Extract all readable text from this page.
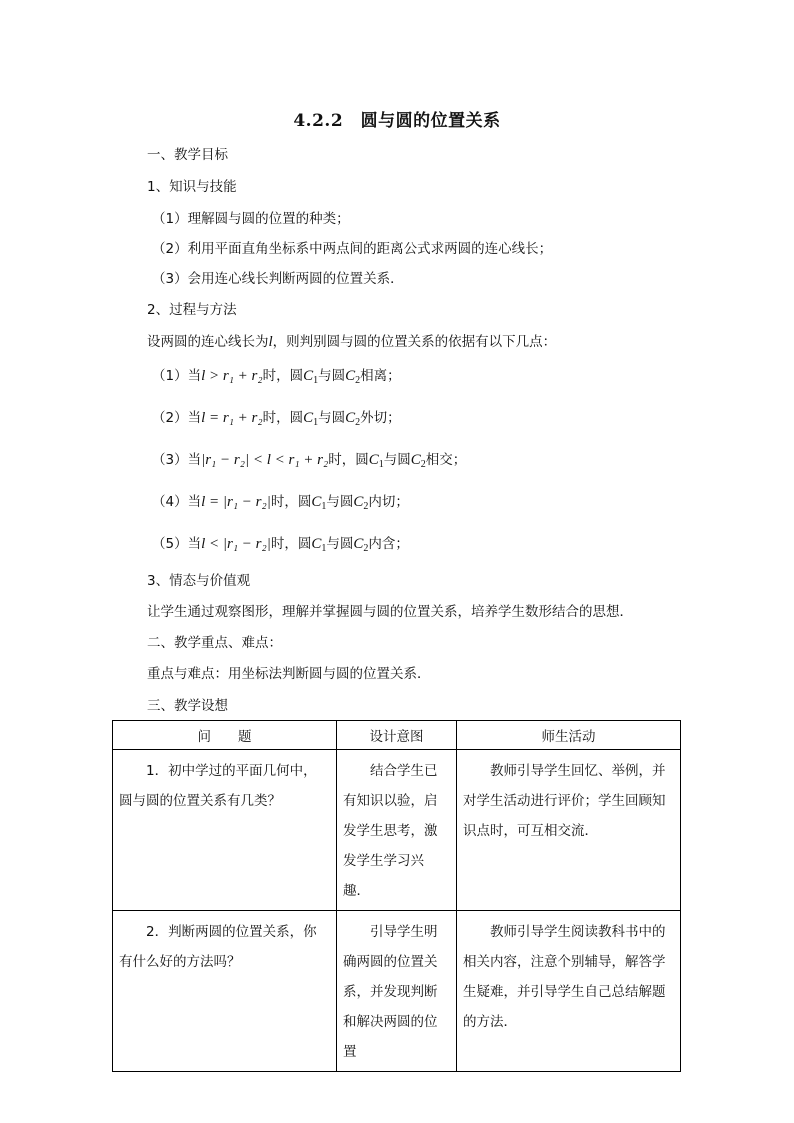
4.2.2　圆与圆的位置关系
一、教学目标
1、知识与技能
（1）理解圆与圆的位置的种类；
（2）利用平面直角坐标系中两点间的距离公式求两圆的连心线长；
（3）会用连心线长判断两圆的位置关系．
2、过程与方法
设两圆的连心线长为l，则判别圆与圆的位置关系的依据有以下几点：
（1）当l > r₁ + r₂时，圆$C_1$与圆$C_2$相离；
（2）当l = r₁ + r₂时，圆$C_1$与圆$C_2$外切；
（3）当|r₁ − r₂| < l < r₁ + r₂时，圆$C_1$与圆$C_2$相交；
（4）当l = |r₁ − r₂|时，圆$C_1$与圆$C_2$内切；
（5）当l < |r₁ − r₂|时，圆$C_1$与圆$C_2$内含；
3、情态与价值观
让学生通过观察图形，理解并掌握圆与圆的位置关系，培养学生数形结合的思想．
二、教学重点、难点：
重点与难点：用坐标法判断圆与圆的位置关系．
三、教学设想
问　　题	设计意图	师生活动

1．初中学过的平面几何中，圆与圆的位置关系有几类？	结合学生已有知识以验，启发学生思考，激发学生学习兴趣．	教师引导学生回忆、举例，并对学生活动进行评价；学生回顾知识点时，可互相交流．

2．判断两圆的位置关系，你有什么好的方法吗？	引导学生明确两圆的位置关系，并发现判断和解决两圆的位置	教师引导学生阅读教科书中的相关内容，注意个别辅导，解答学生疑难，并引导学生自己总结解题的方法．
